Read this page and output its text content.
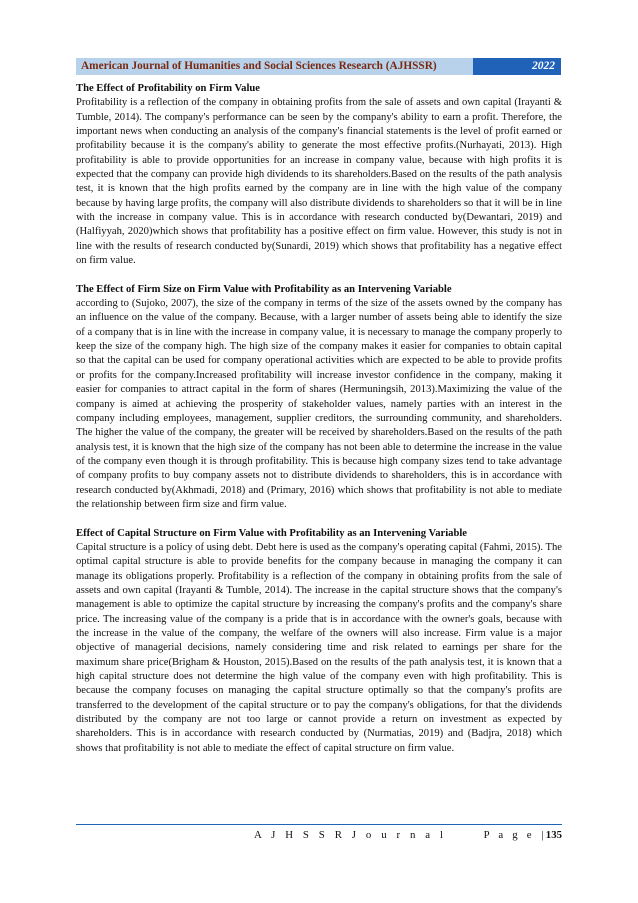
American Journal of Humanities and Social Sciences Research (AJHSSR)	2022
The Effect of Profitability on Firm Value

Profitability is a reflection of the company in obtaining profits from the sale of assets and own capital (Irayanti & Tumble, 2014). The company's performance can be seen by the company's ability to earn a profit. Therefore, the important news when conducting an analysis of the company's financial statements is the level of profit earned or profitability because it is the company's ability to generate the most effective profits.(Nurhayati, 2013). High profitability is able to provide opportunities for an increase in company value, because with high profits it is expected that the company can provide high dividends to its shareholders.Based on the results of the path analysis test, it is known that the high profits earned by the company are in line with the high value of the company because by having large profits, the company will also distribute dividends to shareholders so that it will be in line with the increase in company value. This is in accordance with research conducted by(Dewantari, 2019) and (Halfiyyah, 2020)which shows that profitability has a positive effect on firm value. However, this study is not in line with the results of research conducted by(Sunardi, 2019) which shows that profitability has a negative effect on firm value.

The Effect of Firm Size on Firm Value with Profitability as an Intervening Variable

according to (Sujoko, 2007), the size of the company in terms of the size of the assets owned by the company has an influence on the value of the company. Because, with a larger number of assets being able to identify the size of a company that is in line with the increase in company value, it is necessary to manage the company properly to keep the size of the company high. The high size of the company makes it easier for companies to obtain capital so that the capital can be used for company operational activities which are expected to be able to provide profits or profits for the company.Increased profitability will increase investor confidence in the company, making it easier for companies to attract capital in the form of shares (Hermuningsih, 2013).Maximizing the value of the company is aimed at achieving the prosperity of stakeholder values, namely parties with an interest in the company including employees, management, supplier creditors, the surrounding community, and shareholders. The higher the value of the company, the greater will be received by shareholders.Based on the results of the path analysis test, it is known that the high size of the company has not been able to determine the increase in the value of the company even though it is through profitability. This is because high company sizes tend to take advantage of company profits to buy company assets not to distribute dividends to shareholders, this is in accordance with research conducted by(Akhmadi, 2018) and (Primary, 2016) which shows that profitability is not able to mediate the relationship between firm size and firm value.

Effect of Capital Structure on Firm Value with Profitability as an Intervening Variable

Capital structure is a policy of using debt. Debt here is used as the company's operating capital (Fahmi, 2015). The optimal capital structure is able to provide benefits for the company because in managing the company it can manage its obligations properly. Profitability is a reflection of the company in obtaining profits from the sale of assets and own capital (Irayanti & Tumble, 2014). The increase in the capital structure shows that the company's management is able to optimize the capital structure by increasing the company's profits and the company's share price. The increasing value of the company is a pride that is in accordance with the owner's goals, because with the increase in the value of the company, the welfare of the owners will also increase. Firm value is a major objective of managerial decisions, namely considering time and risk related to earnings per share for the maximum share price(Brigham & Houston, 2015).Based on the results of the path analysis test, it is known that a high capital structure does not determine the high value of the company even with high profitability. This is because the company focuses on managing the capital structure optimally so that the company's profits are transferred to the development of the capital structure or to pay the company's obligations, for that the dividends distributed by the company are not too large or cannot provide a return on investment as expected by shareholders. This is in accordance with research conducted by (Nurmatias, 2019) and (Badjra, 2018) which shows that profitability is not able to mediate the effect of capital structure on firm value.

A J H S S R J o u r n a l	P a g e | 135
